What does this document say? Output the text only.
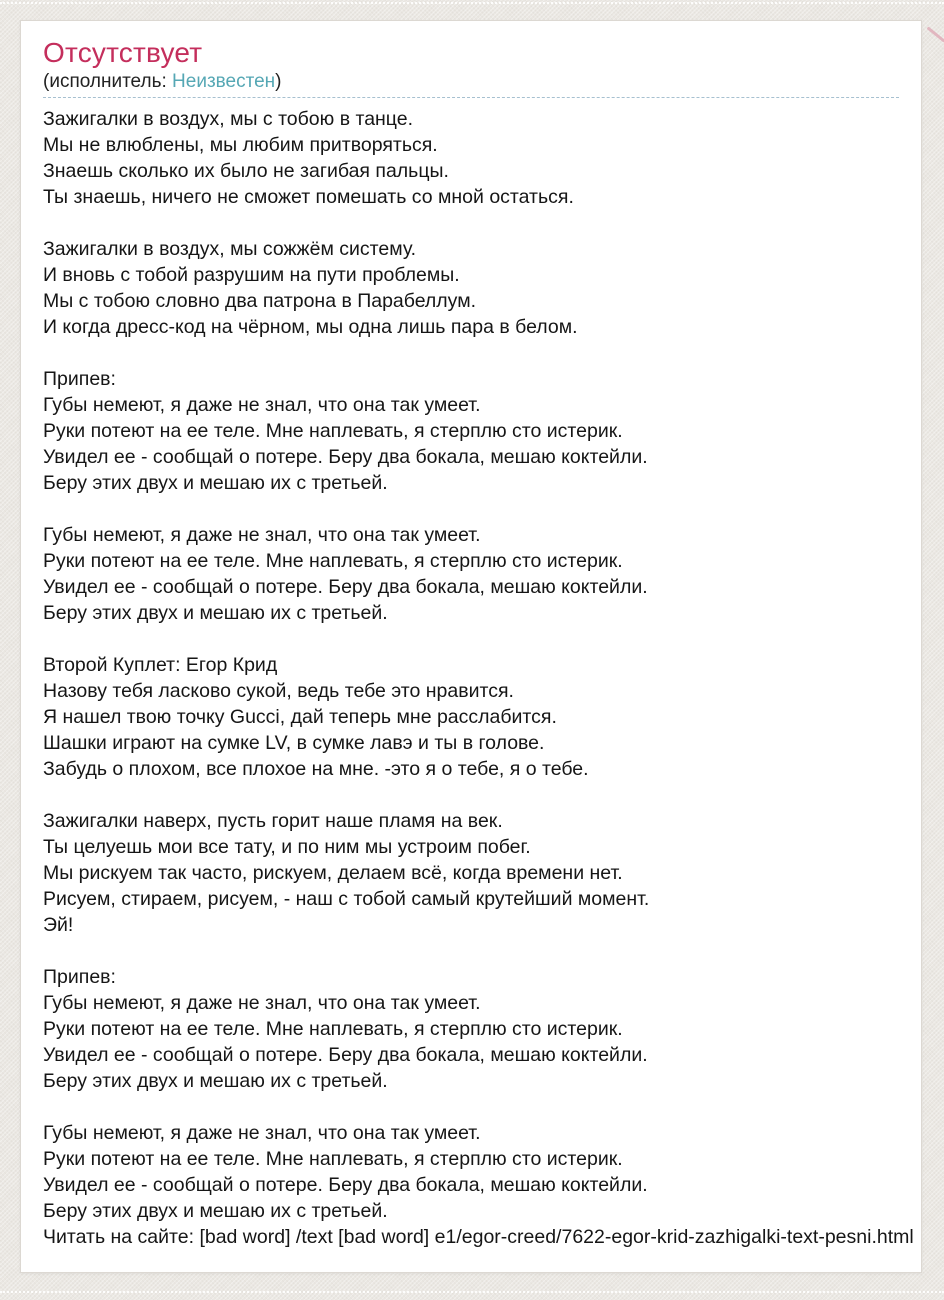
Отсутствует
(исполнитель: Неизвестен)
Зажигалки в воздух, мы с тобою в танце.
Мы не влюблены, мы любим притворяться.
Знаешь сколько их было не загибая пальцы.
Ты знаешь, ничего не сможет помешать со мной остаться.
Зажигалки в воздух, мы сожжём систему.
И вновь с тобой разрушим на пути проблемы.
Мы с тобою словно два патрона в Парабеллум.
И когда дресс-код на чёрном, мы одна лишь пара в белом.
Припев:
Губы немеют, я даже не знал, что она так умеет.
Руки потеют на ее теле. Мне наплевать, я стерплю сто истерик.
Увидел ее - сообщай о потере. Беру два бокала, мешаю коктейли.
Беру этих двух и мешаю их с третьей.
Губы немеют, я даже не знал, что она так умеет.
Руки потеют на ее теле. Мне наплевать, я стерплю сто истерик.
Увидел ее - сообщай о потере. Беру два бокала, мешаю коктейли.
Беру этих двух и мешаю их с третьей.
Второй Куплет: Егор Крид
Назову тебя ласково сукой, ведь тебе это нравится.
Я нашел твою точку Gucci, дай теперь мне расслабится.
Шашки играют на сумке LV, в сумке лавэ и ты в голове.
Забудь о плохом, все плохое на мне. -это я о тебе, я о тебе.
Зажигалки наверх, пусть горит наше пламя на век.
Ты целуешь мои все тату, и по ним мы устроим побег.
Мы рискуем так часто, рискуем, делаем всё, когда времени нет.
Рисуем, стираем, рисуем, - наш с тобой самый крутейший момент.
Эй!
Припев:
Губы немеют, я даже не знал, что она так умеет.
Руки потеют на ее теле. Мне наплевать, я стерплю сто истерик.
Увидел ее - сообщай о потере. Беру два бокала, мешаю коктейли.
Беру этих двух и мешаю их с третьей.
Губы немеют, я даже не знал, что она так умеет.
Руки потеют на ее теле. Мне наплевать, я стерплю сто истерик.
Увидел ее - сообщай о потере. Беру два бокала, мешаю коктейли.
Беру этих двух и мешаю их с третьей.
Читать на сайте: [bad word] /text [bad word] e1/egor-creed/7622-egor-krid-zazhigalki-text-pesni.html
